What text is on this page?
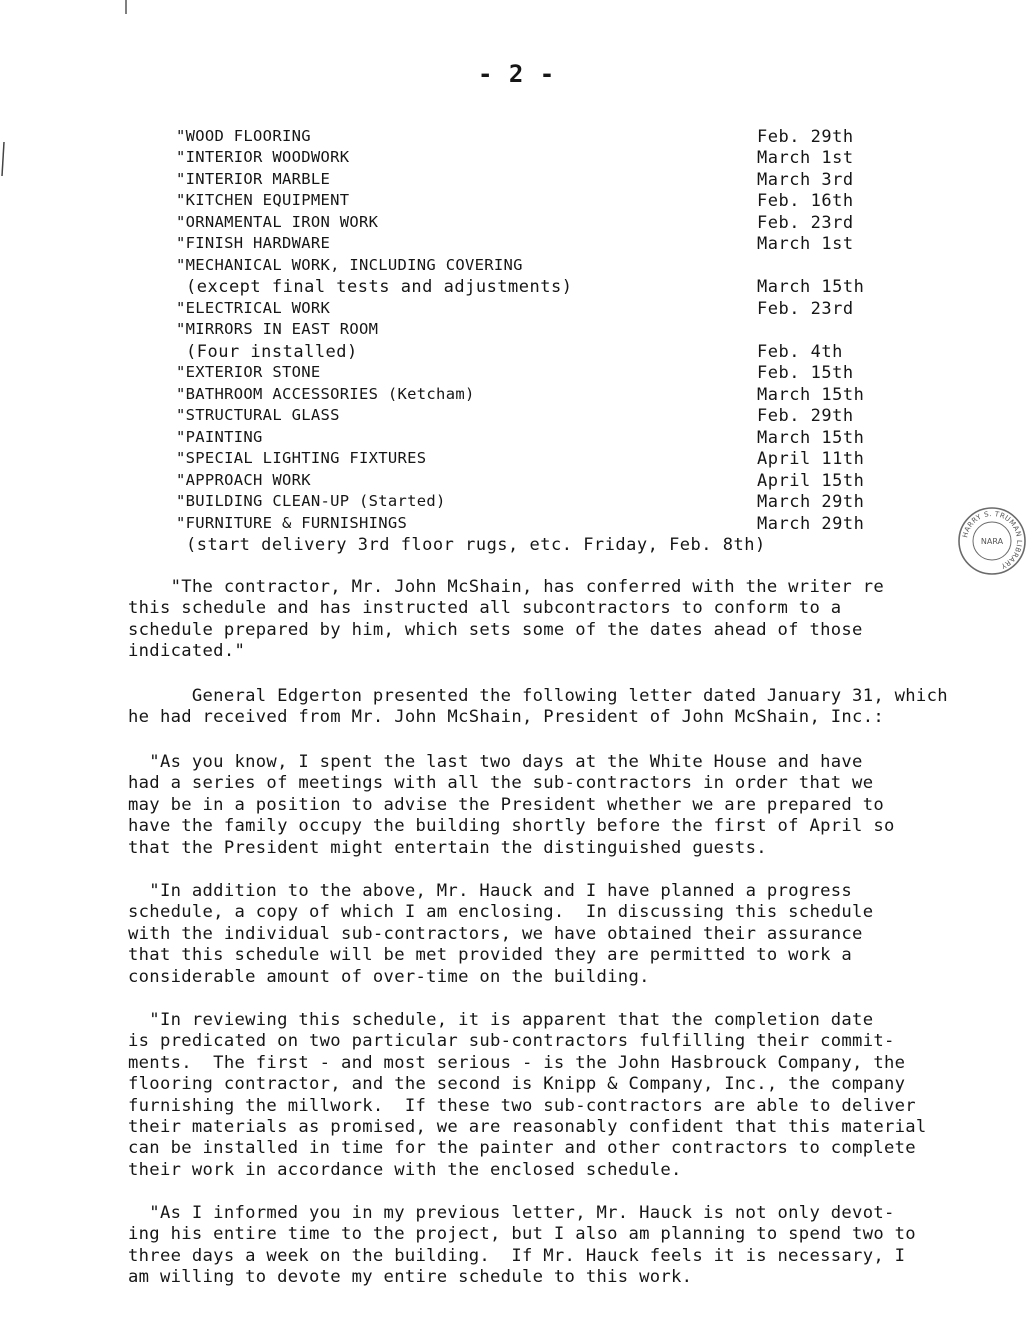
- 2 -
"WOOD FLOORING	Feb. 29th
"INTERIOR WOODWORK	March 1st
"INTERIOR MARBLE	March 3rd
"KITCHEN EQUIPMENT	Feb. 16th
"ORNAMENTAL IRON WORK	Feb. 23rd
"FINISH HARDWARE	March 1st
"MECHANICAL WORK, INCLUDING COVERING
(except final tests and adjustments)	March 15th
"ELECTRICAL WORK	Feb. 23rd
"MIRRORS IN EAST ROOM
(Four installed)	Feb. 4th
"EXTERIOR STONE	Feb. 15th
"BATHROOM ACCESSORIES (Ketcham)	March 15th
"STRUCTURAL GLASS	Feb. 29th
"PAINTING	March 15th
"SPECIAL LIGHTING FIXTURES	April 11th
"APPROACH WORK	April 15th
"BUILDING CLEAN-UP (Started)	March 29th
"FURNITURE & FURNISHINGS	March 29th
(start delivery 3rd floor rugs, etc. Friday, Feb. 8th)

"The contractor, Mr. John McShain, has conferred with the writer re
this schedule and has instructed all subcontractors to conform to a
schedule prepared by him, which sets some of the dates ahead of those
indicated."

General Edgerton presented the following letter dated January 31, which
he had received from Mr. John McShain, President of John McShain, Inc.:

"As you know, I spent the last two days at the White House and have
had a series of meetings with all the sub-contractors in order that we
may be in a position to advise the President whether we are prepared to
have the family occupy the building shortly before the first of April so
that the President might entertain the distinguished guests.

"In addition to the above, Mr. Hauck and I have planned a progress
schedule, a copy of which I am enclosing.  In discussing this schedule
with the individual sub-contractors, we have obtained their assurance
that this schedule will be met provided they are permitted to work a
considerable amount of over-time on the building.

"In reviewing this schedule, it is apparent that the completion date
is predicated on two particular sub-contractors fulfilling their commit-
ments.  The first - and most serious - is the John Hasbrouck Company, the
flooring contractor, and the second is Knipp & Company, Inc., the company
furnishing the millwork.  If these two sub-contractors are able to deliver
their materials as promised, we are reasonably confident that this material
can be installed in time for the painter and other contractors to complete
their work in accordance with the enclosed schedule.

"As I informed you in my previous letter, Mr. Hauck is not only devot-
ing his entire time to the project, but I also am planning to spend two to
three days a week on the building.  If Mr. Hauck feels it is necessary, I
am willing to devote my entire schedule to this work.

HARRY S. TRUMAN LIBRARY
NARA
